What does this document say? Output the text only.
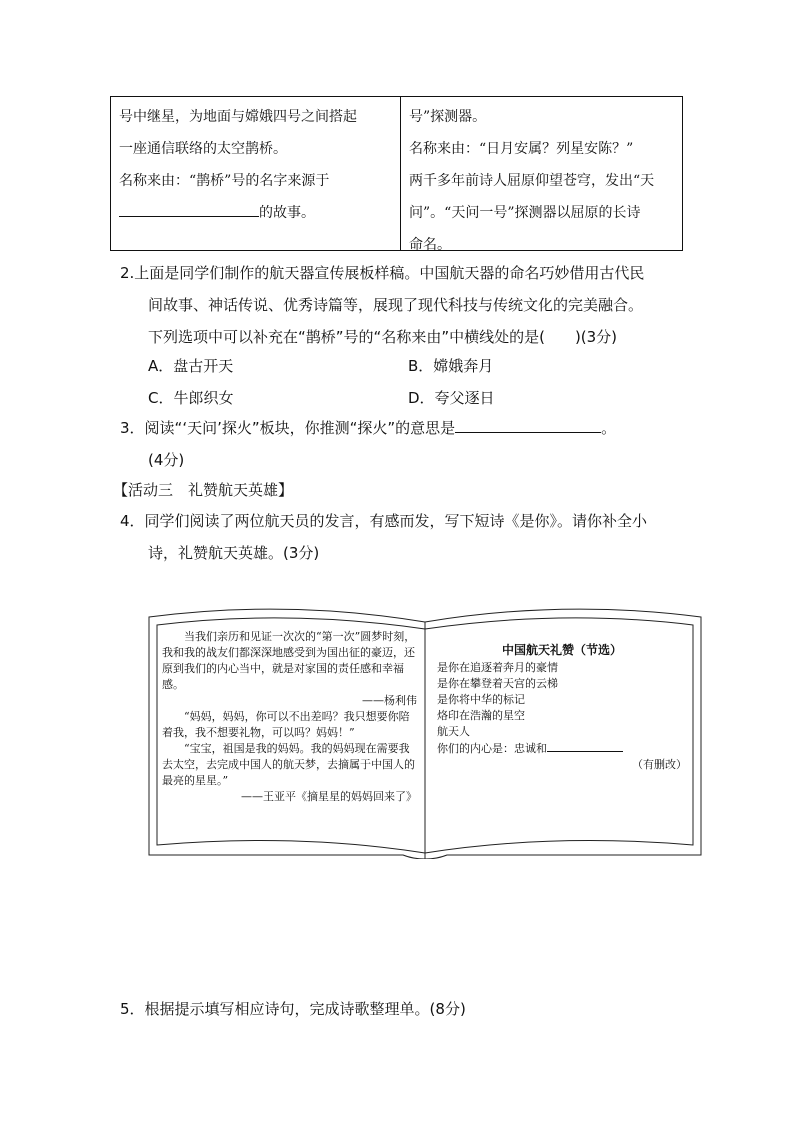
号中继星，为地面与嫦娥四号之间搭起
一座通信联络的太空鹊桥。
名称来由：“鹊桥”号的名字来源于
的故事。
号”探测器。
名称来由：“日月安属？列星安陈？”
两千多年前诗人屈原仰望苍穹，发出“天
问”。“天问一号”探测器以屈原的长诗
命名。
2.上面是同学们制作的航天器宣传展板样稿。中国航天器的命名巧妙借用古代民
间故事、神话传说、优秀诗篇等，展现了现代科技与传统文化的完美融合。
下列选项中可以补充在“鹊桥”号的“名称来由”中横线处的是(　　)(3分)
A．盘古开天	B．嫦娥奔月
C．牛郎织女	D．夸父逐日
3．阅读“‘天问’探火”板块，你推测“探火”的意思是	。
(4分)
【活动三　礼赞航天英雄】
4．同学们阅读了两位航天员的发言，有感而发，写下短诗《是你》。请你补全小
诗，礼赞航天英雄。(3分)
　　当我们亲历和见证一次次的“第一次”圆梦时刻，我和我的战友们都深深地感受到为国出征的豪迈，还原到我们的内心当中，就是对家国的责任感和幸福感。
——杨利伟
　　“妈妈，妈妈，你可以不出差吗？我只想要你陪着我，我不想要礼物，可以吗？妈妈！”
　　“宝宝，祖国是我的妈妈。我的妈妈现在需要我去太空，去完成中国人的航天梦，去摘属于中国人的最亮的星星。”
——王亚平《摘星星的妈妈回来了》
中国航天礼赞（节选）
是你在追逐着奔月的豪情
是你在攀登着天宫的云梯
是你将中华的标记
烙印在浩瀚的星空
航天人
你们的内心是：忠诚和
（有删改）
5．根据提示填写相应诗句，完成诗歌整理单。(8分)
